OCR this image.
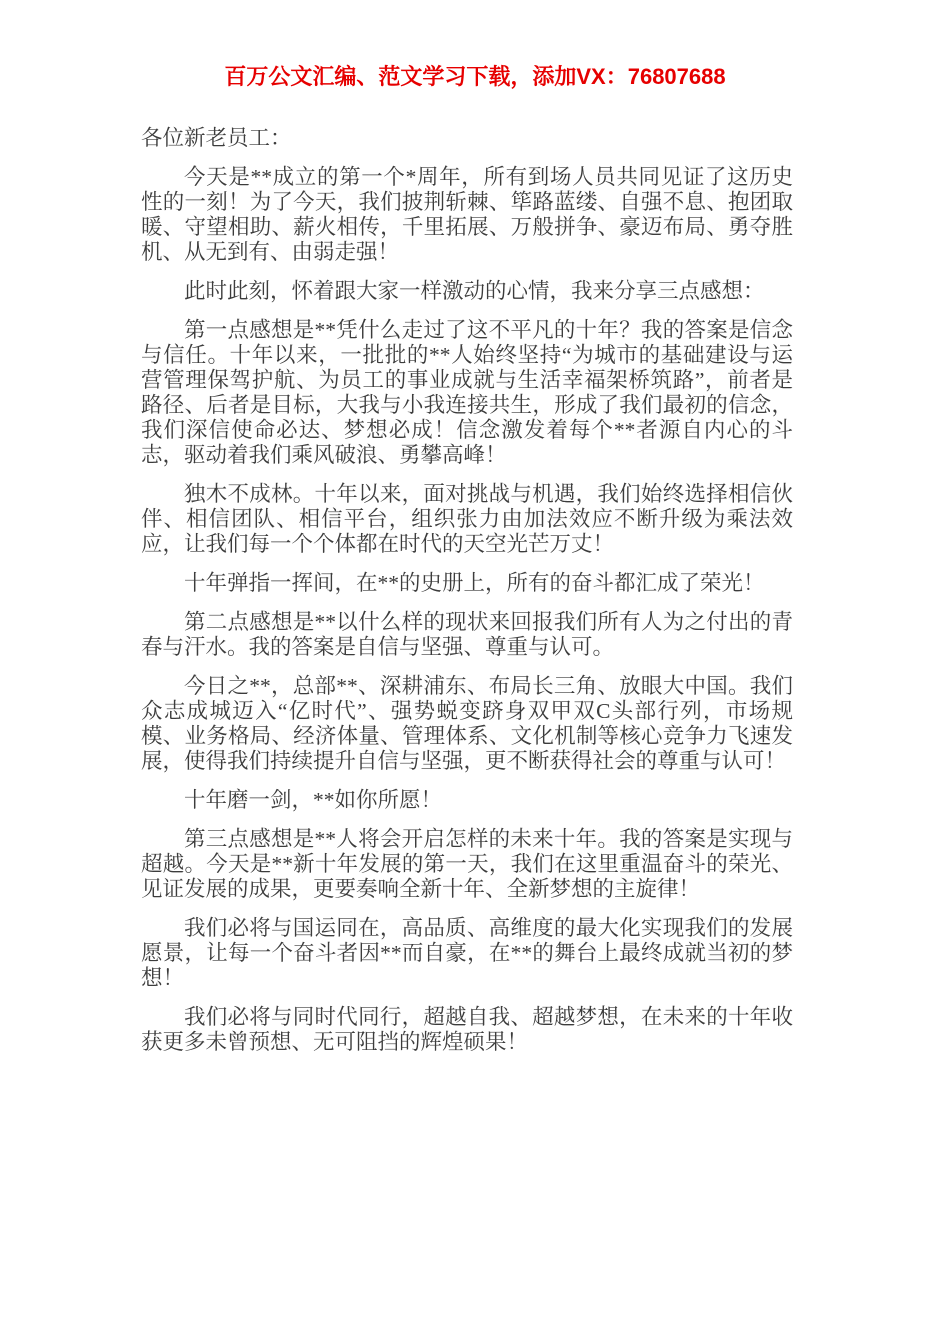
百万公文汇编、范文学习下载，添加VX：76807688
各位新老员工：
今天是**成立的第一个*周年，所有到场人员共同见证了这历史性的一刻！为了今天，我们披荆斩棘、筚路蓝缕、自强不息、抱团取暖、守望相助、薪火相传，千里拓展、万般拼争、豪迈布局、勇夺胜机、从无到有、由弱走强！
此时此刻，怀着跟大家一样激动的心情，我来分享三点感想：
第一点感想是**凭什么走过了这不平凡的十年？我的答案是信念与信任。十年以来，一批批的**人始终坚持“为城市的基础建设与运营管理保驾护航、为员工的事业成就与生活幸福架桥筑路”，前者是路径、后者是目标，大我与小我连接共生，形成了我们最初的信念，我们深信使命必达、梦想必成！信念激发着每个**者源自内心的斗志，驱动着我们乘风破浪、勇攀高峰！
独木不成林。十年以来，面对挑战与机遇，我们始终选择相信伙伴、相信团队、相信平台，组织张力由加法效应不断升级为乘法效应，让我们每一个个体都在时代的天空光芒万丈！
十年弹指一挥间，在**的史册上，所有的奋斗都汇成了荣光！
第二点感想是**以什么样的现状来回报我们所有人为之付出的青春与汗水。我的答案是自信与坚强、尊重与认可。
今日之**，总部**、深耕浦东、布局长三角、放眼大中国。我们众志成城迈入“亿时代”、强势蜕变跻身双甲双C头部行列，市场规模、业务格局、经济体量、管理体系、文化机制等核心竞争力飞速发展，使得我们持续提升自信与坚强，更不断获得社会的尊重与认可！
十年磨一剑，**如你所愿！
第三点感想是**人将会开启怎样的未来十年。我的答案是实现与超越。今天是**新十年发展的第一天，我们在这里重温奋斗的荣光、见证发展的成果，更要奏响全新十年、全新梦想的主旋律！
我们必将与国运同在，高品质、高维度的最大化实现我们的发展愿景，让每一个奋斗者因**而自豪，在**的舞台上最终成就当初的梦想！
我们必将与同时代同行，超越自我、超越梦想，在未来的十年收获更多未曾预想、无可阻挡的辉煌硕果！
